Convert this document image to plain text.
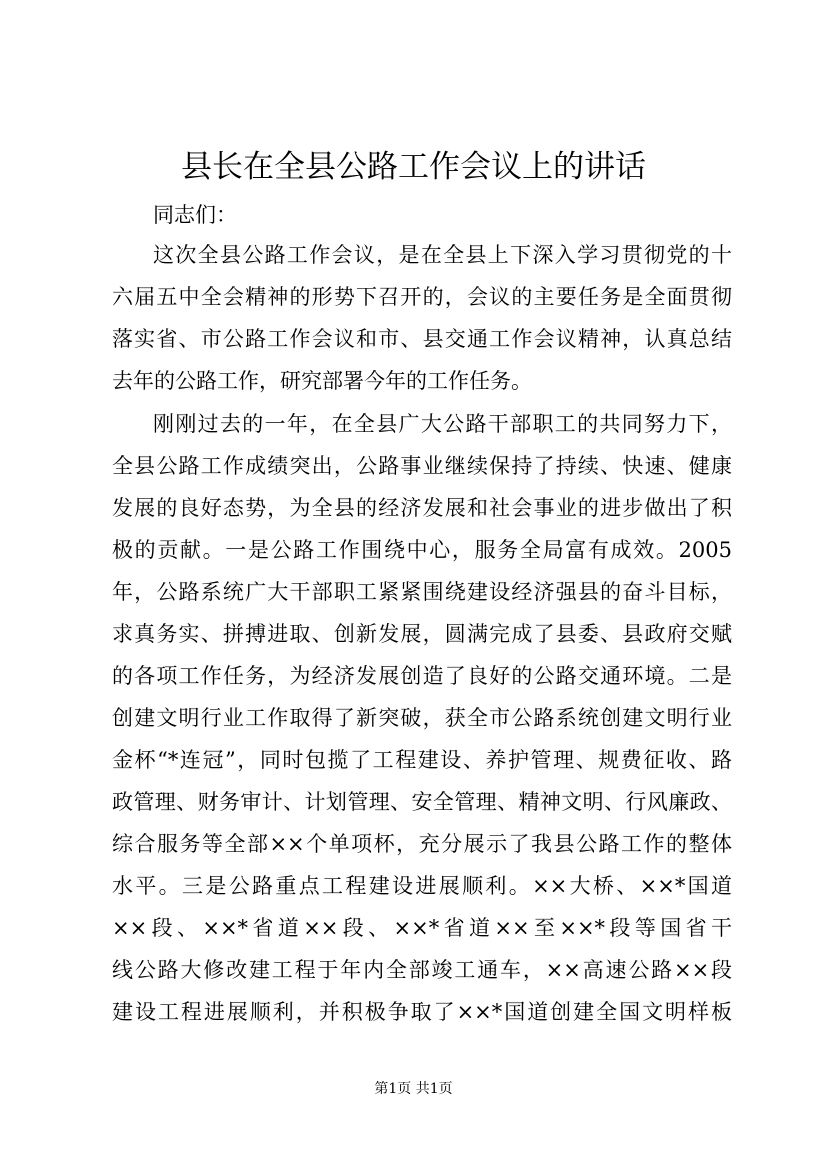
县长在全县公路工作会议上的讲话
同志们：
这次全县公路工作会议，是在全县上下深入学习贯彻党的十
六届五中全会精神的形势下召开的，会议的主要任务是全面贯彻
落实省、市公路工作会议和市、县交通工作会议精神，认真总结
去年的公路工作，研究部署今年的工作任务。
刚刚过去的一年，在全县广大公路干部职工的共同努力下，
全县公路工作成绩突出，公路事业继续保持了持续、快速、健康
发展的良好态势，为全县的经济发展和社会事业的进步做出了积
极的贡献。一是公路工作围绕中心，服务全局富有成效。2005
年，公路系统广大干部职工紧紧围绕建设经济强县的奋斗目标，
求真务实、拼搏进取、创新发展，圆满完成了县委、县政府交赋
的各项工作任务，为经济发展创造了良好的公路交通环境。二是
创建文明行业工作取得了新突破，获全市公路系统创建文明行业
金杯“*连冠”，同时包揽了工程建设、养护管理、规费征收、路
政管理、财务审计、计划管理、安全管理、精神文明、行风廉政、
综合服务等全部××个单项杯，充分展示了我县公路工作的整体
水平。三是公路重点工程建设进展顺利。××大桥、××*国道
××段、××*省道××段、××*省道××至××*段等国省干
线公路大修改建工程于年内全部竣工通车，××高速公路××段
建设工程进展顺利，并积极争取了××*国道创建全国文明样板
第1页 共1页
